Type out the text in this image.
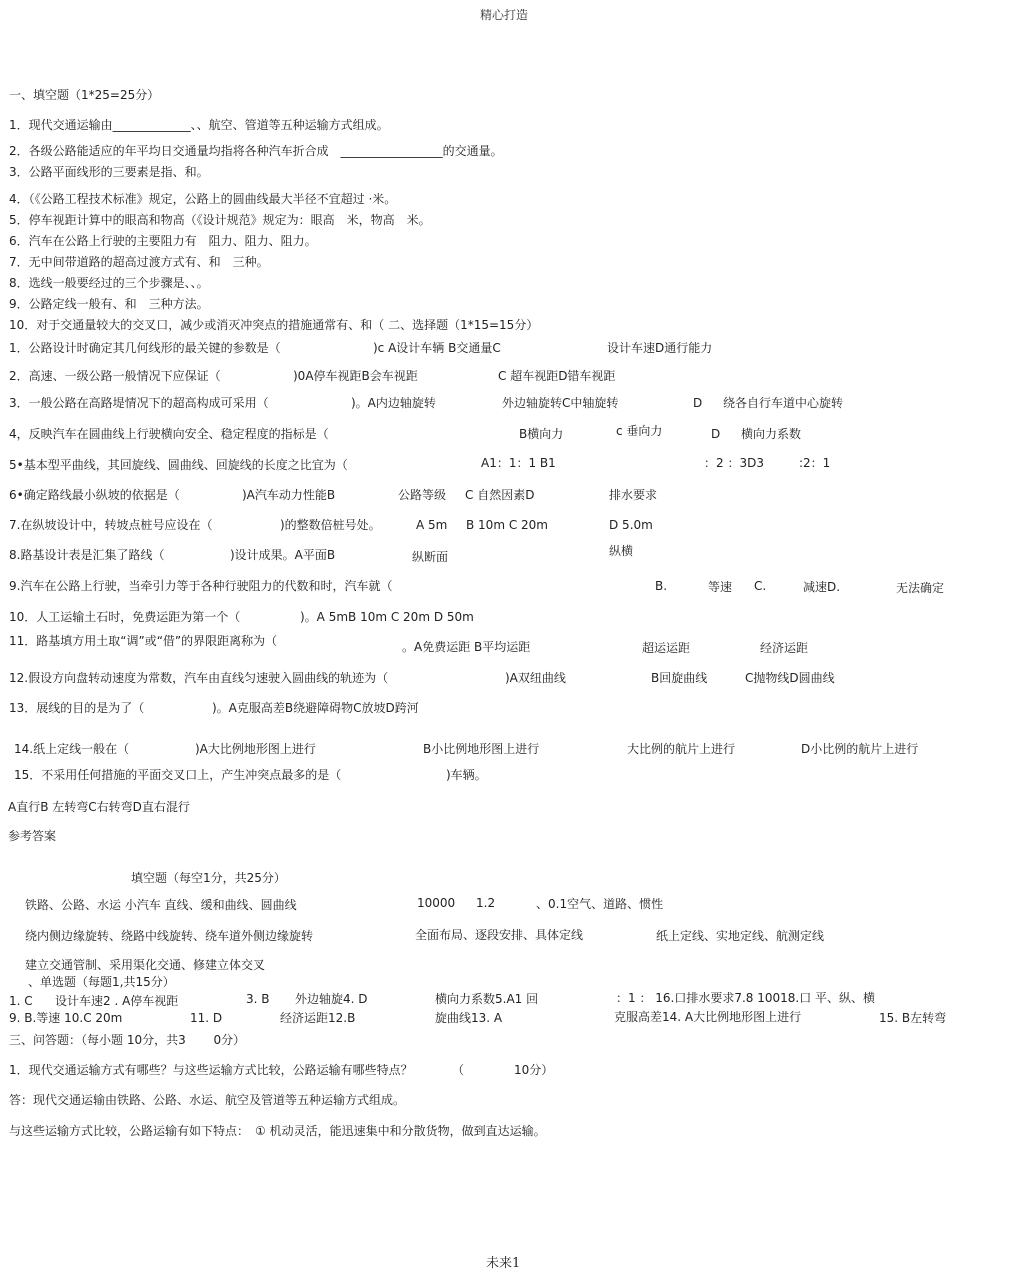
精心打造
一、填空题（1*25=25分）
1．现代交通运输由_____________、、航空、管道等五种运输方式组成。
2．各级公路能适应的年平均日交通量均指将各种汽车折合成　_________________的交通量。
3．公路平面线形的三要素是指、和。
4．（《公路工程技术标准》规定，公路上的圆曲线最大半径不宜超过 ·米。
5．停车视距计算中的眼高和物高（《设计规范》规定为：眼高　米，物高　米。
6．汽车在公路上行驶的主要阻力有　阻力、阻力、阻力。
7．无中间带道路的超高过渡方式有、和　三种。
8．选线一般要经过的三个步骤是、、。
9．公路定线一般有、和　三种方法。
10．对于交通量较大的交叉口，减少或消灭冲突点的措施通常有、和（ 二、选择题（1*15=15分）
1．公路设计时确定其几何线形的最关键的参数是（	)c A设计车辆 B交通量C	设计车速D通行能力
2．高速、一级公路一般情况下应保证（	)0A停车视距B会车视距	C 超车视距D错车视距
3．一般公路在高路堤情况下的超高构成可采用（	)。A内边轴旋转	外边轴旋转C中轴旋转	D 绕各自行车道中心旋转
4，反映汽车在圆曲线上行驶横向安全、稳定程度的指标是（	B横向力	c 垂向力	D 横向力系数
5•基本型平曲线，其回旋线、圆曲线、回旋线的长度之比宜为（	A1：1：1 B1	：2 ：3D3	:2：1
6•确定路线最小纵坡的依据是（	)A汽车动力性能B	公路等级 C 自然因素D	排水要求
7.在纵坡设计中，转坡点桩号应设在（	)的整数倍桩号处。	A 5m B 10m C 20m	D 5.0m
8.路基设计表是汇集了路线（	)设计成果。A平面B	纵断面	纵横
9.汽车在公路上行驶，当牵引力等于各种行驶阻力的代数和时，汽车就（	B.	等速 C.	减速D.	无法确定
10．人工运输土石时，免费运距为第一个（	)。A 5mB 10m C 20m D 50m
11．路基填方用土取“调”或“借”的界限距离称为（	。A免费运距 B平均运距	超运运距	经济运距
12.假设方向盘转动速度为常数，汽车由直线匀速驶入圆曲线的轨迹为（	)A双纽曲线	B回旋曲线	C抛物线D圆曲线
13．展线的目的是为了（	)。A克服高差B绕避障碍物C放坡D跨河
14.纸上定线一般在（	)A大比例地形图上进行	B小比例地形图上进行	大比例的航片上进行	D小比例的航片上进行
15．不采用任何措施的平面交叉口上，产生冲突点最多的是（	)车辆。
A直行B 左转弯C右转弯D直右混行
参考答案
填空题（每空1分，共25分）
铁路、公路、水运 小汽车 直线、缓和曲线、圆曲线	10000 1.2	、0.1空气、道路、惯性
绕内侧边缘旋转、绕路中线旋转、绕车道外侧边缘旋转	全面布局、逐段安排、具体定线	纸上定线、实地定线、航测定线
建立交通管制、采用渠化交通、修建立体交叉
、单选题（每题1,共15分）
1. C 设计车速2 . A停车视距	3. B 外边轴旋4. D	横向力系数5.A1 回	：1 ： 16.口排水要求7.8 10018.口 平、纵、横
9. B.等速 10.C 20m	11. D	经济运距12.B	旋曲线13. A	克服高差14. A大比例地形图上进行	15. B左转弯
三、问答题：（每小题 10分，共3　　 0分）
1．现代交通运输方式有哪些？与这些运输方式比较，公路运输有哪些特点？	（	10分）
答：现代交通运输由铁路、公路、水运、航空及管道等五种运输方式组成。
与这些运输方式比较，公路运输有如下特点：　① 机动灵活，能迅速集中和分散货物，做到直达运输。
未来1
